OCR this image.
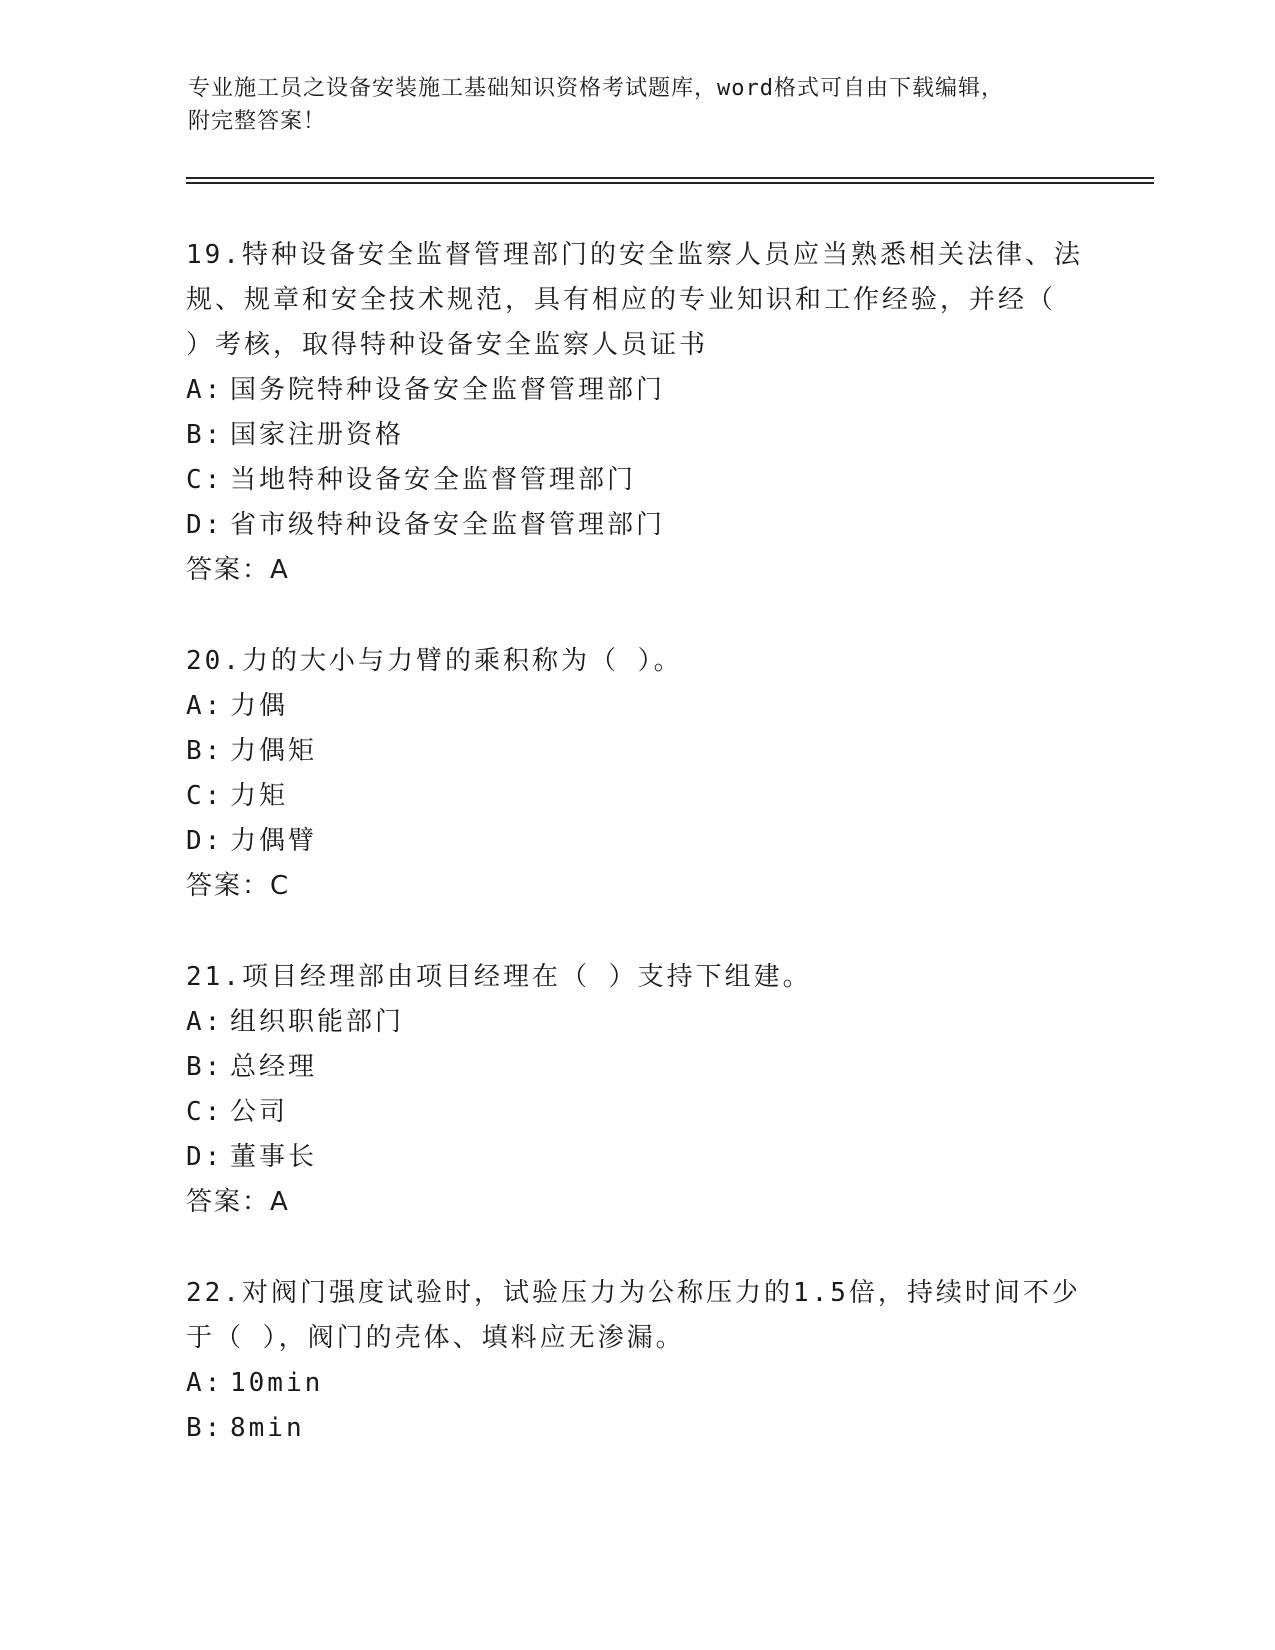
专业施工员之设备安装施工基础知识资格考试题库，word格式可自由下载编辑，
附完整答案！

19.特种设备安全监督管理部门的安全监察人员应当熟悉相关法律、法规、规章和安全技术规范，具有相应的专业知识和工作经验，并经（ ）考核，取得特种设备安全监察人员证书

A: 国务院特种设备安全监督管理部门
B: 国家注册资格
C: 当地特种设备安全监督管理部门
D: 省市级特种设备安全监督管理部门

答案：A

20.力的大小与力臂的乘积称为（ ）。

A: 力偶
B: 力偶矩
C: 力矩
D: 力偶臂

答案：C

21.项目经理部由项目经理在（ ）支持下组建。

A: 组织职能部门
B: 总经理
C: 公司
D: 董事长

答案：A

22.对阀门强度试验时，试验压力为公称压力的1.5倍，持续时间不少于（ ），阀门的壳体、填料应无渗漏。

A: 10min
B: 8min
